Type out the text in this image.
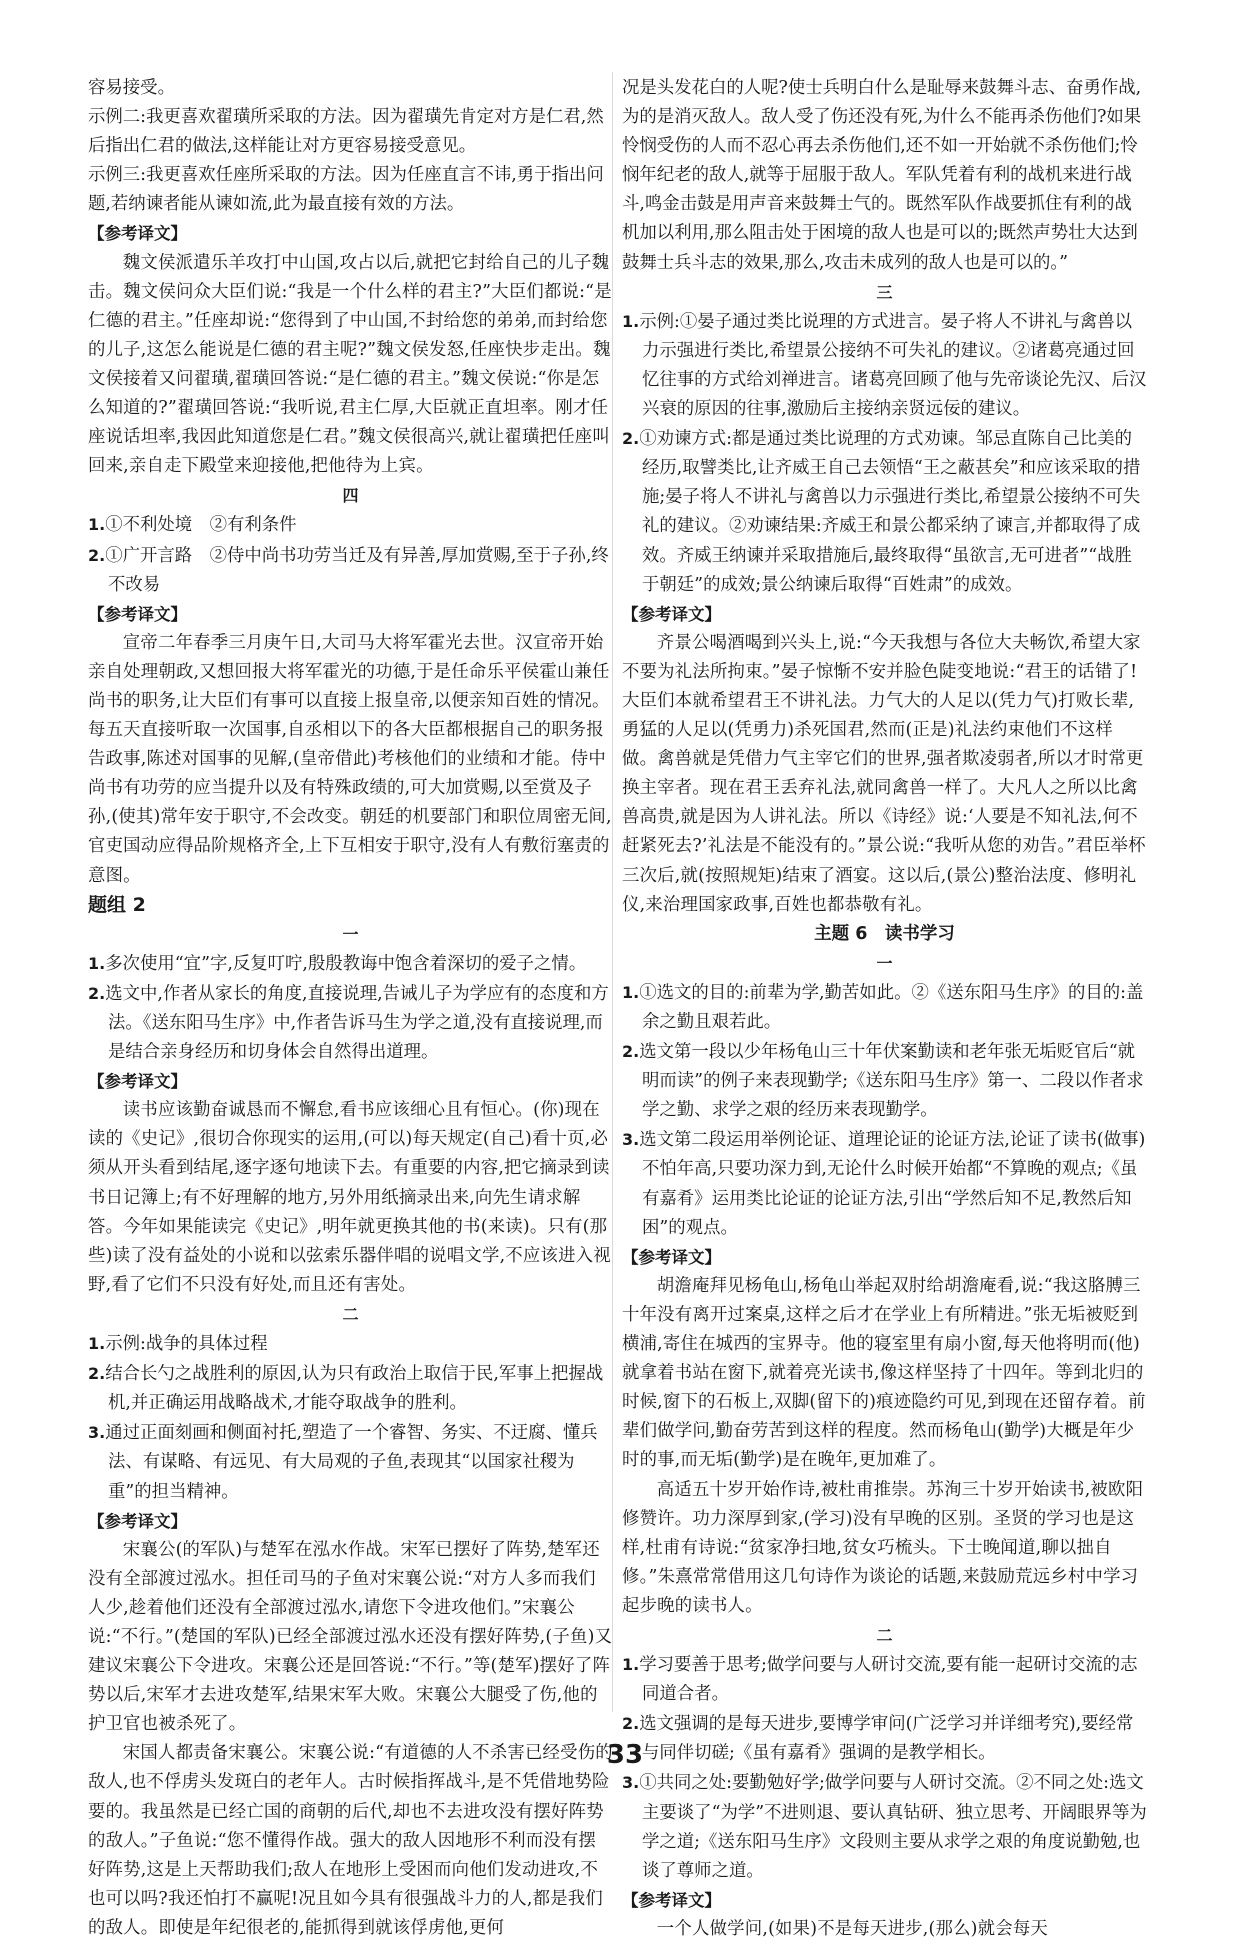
容易接受。
示例二:我更喜欢翟璜所采取的方法。因为翟璜先肯定对方是仁君,然后指出仁君的做法,这样能让对方更容易接受意见。
示例三:我更喜欢任座所采取的方法。因为任座直言不讳,勇于指出问题,若纳谏者能从谏如流,此为最直接有效的方法。
【参考译文】
魏文侯派遣乐羊攻打中山国,攻占以后,就把它封给自己的儿子魏击。魏文侯问众大臣们说:“我是一个什么样的君主?”大臣们都说:“是仁德的君主。”任座却说:“您得到了中山国,不封给您的弟弟,而封给您的儿子,这怎么能说是仁德的君主呢?”魏文侯发怒,任座快步走出。魏文侯接着又问翟璜,翟璜回答说:“是仁德的君主。”魏文侯说:“你是怎么知道的?”翟璜回答说:“我听说,君主仁厚,大臣就正直坦率。刚才任座说话坦率,我因此知道您是仁君。”魏文侯很高兴,就让翟璜把任座叫回来,亲自走下殿堂来迎接他,把他待为上宾。
四
1.①不利处境　②有利条件
2.①广开言路　②侍中尚书功劳当迁及有异善,厚加赏赐,至于子孙,终不改易
【参考译文】
宣帝二年春季三月庚午日,大司马大将军霍光去世。汉宣帝开始亲自处理朝政,又想回报大将军霍光的功德,于是任命乐平侯霍山兼任尚书的职务,让大臣们有事可以直接上报皇帝,以便亲知百姓的情况。每五天直接听取一次国事,自丞相以下的各大臣都根据自己的职务报告政事,陈述对国事的见解,(皇帝借此)考核他们的业绩和才能。侍中尚书有功劳的应当提升以及有特殊政绩的,可大加赏赐,以至赏及子孙,(使其)常年安于职守,不会改变。朝廷的机要部门和职位周密无间,官吏国动应得品阶规格齐全,上下互相安于职守,没有人有敷衍塞责的意图。
题组 2
一
1.多次使用“宜”字,反复叮咛,殷殷教诲中饱含着深切的爱子之情。
2.选文中,作者从家长的角度,直接说理,告诫儿子为学应有的态度和方法。《送东阳马生序》中,作者告诉马生为学之道,没有直接说理,而是结合亲身经历和切身体会自然得出道理。
【参考译文】
读书应该勤奋诚恳而不懈怠,看书应该细心且有恒心。(你)现在读的《史记》,很切合你现实的运用,(可以)每天规定(自己)看十页,必须从开头看到结尾,逐字逐句地读下去。有重要的内容,把它摘录到读书日记簿上;有不好理解的地方,另外用纸摘录出来,向先生请求解答。今年如果能读完《史记》,明年就更换其他的书(来读)。只有(那些)读了没有益处的小说和以弦索乐器伴唱的说唱文学,不应该进入视野,看了它们不只没有好处,而且还有害处。
二
1.示例:战争的具体过程
2.结合长勺之战胜利的原因,认为只有政治上取信于民,军事上把握战机,并正确运用战略战术,才能夺取战争的胜利。
3.通过正面刻画和侧面衬托,塑造了一个睿智、务实、不迂腐、懂兵法、有谋略、有远见、有大局观的子鱼,表现其“以国家社稷为重”的担当精神。
【参考译文】
宋襄公(的军队)与楚军在泓水作战。宋军已摆好了阵势,楚军还没有全部渡过泓水。担任司马的子鱼对宋襄公说:“对方人多而我们人少,趁着他们还没有全部渡过泓水,请您下令进攻他们。”宋襄公说:“不行。”(楚国的军队)已经全部渡过泓水还没有摆好阵势,(子鱼)又建议宋襄公下令进攻。宋襄公还是回答说:“不行。”等(楚军)摆好了阵势以后,宋军才去进攻楚军,结果宋军大败。宋襄公大腿受了伤,他的护卫官也被杀死了。
宋国人都责备宋襄公。宋襄公说:“有道德的人不杀害已经受伤的敌人,也不俘虏头发斑白的老年人。古时候指挥战斗,是不凭借地势险要的。我虽然是已经亡国的商朝的后代,却也不去进攻没有摆好阵势的敌人。”子鱼说:“您不懂得作战。强大的敌人因地形不利而没有摆好阵势,这是上天帮助我们;敌人在地形上受困而向他们发动进攻,不也可以吗?我还怕打不赢呢!况且如今具有很强战斗力的人,都是我们的敌人。即使是年纪很老的,能抓得到就该俘虏他,更何
况是头发花白的人呢?使士兵明白什么是耻辱来鼓舞斗志、奋勇作战,为的是消灭敌人。敌人受了伤还没有死,为什么不能再杀伤他们?如果怜悯受伤的人而不忍心再去杀伤他们,还不如一开始就不杀伤他们;怜悯年纪老的敌人,就等于屈服于敌人。军队凭着有利的战机来进行战斗,鸣金击鼓是用声音来鼓舞士气的。既然军队作战要抓住有利的战机加以利用,那么阻击处于困境的敌人也是可以的;既然声势壮大达到鼓舞士兵斗志的效果,那么,攻击未成列的敌人也是可以的。”
三
1.示例:①晏子通过类比说理的方式进言。晏子将人不讲礼与禽兽以力示强进行类比,希望景公接纳不可失礼的建议。②诸葛亮通过回忆往事的方式给刘禅进言。诸葛亮回顾了他与先帝谈论先汉、后汉兴衰的原因的往事,激励后主接纳亲贤远佞的建议。
2.①劝谏方式:都是通过类比说理的方式劝谏。邹忌直陈自己比美的经历,取譬类比,让齐威王自己去领悟“王之蔽甚矣”和应该采取的措施;晏子将人不讲礼与禽兽以力示强进行类比,希望景公接纳不可失礼的建议。②劝谏结果:齐威王和景公都采纳了谏言,并都取得了成效。齐威王纳谏并采取措施后,最终取得“虽欲言,无可进者”“战胜于朝廷”的成效;景公纳谏后取得“百姓肃”的成效。
【参考译文】
齐景公喝酒喝到兴头上,说:“今天我想与各位大夫畅饮,希望大家不要为礼法所拘束。”晏子惊惭不安并脸色陡变地说:“君王的话错了!大臣们本就希望君王不讲礼法。力气大的人足以(凭力气)打败长辈,勇猛的人足以(凭勇力)杀死国君,然而(正是)礼法约束他们不这样做。禽兽就是凭借力气主宰它们的世界,强者欺凌弱者,所以才时常更换主宰者。现在君王丢弃礼法,就同禽兽一样了。大凡人之所以比禽兽高贵,就是因为人讲礼法。所以《诗经》说:‘人要是不知礼法,何不赶紧死去?’礼法是不能没有的。”景公说:“我听从您的劝告。”君臣举杯三次后,就(按照规矩)结束了酒宴。这以后,(景公)整治法度、修明礼仪,来治理国家政事,百姓也都恭敬有礼。
主题 6　读书学习
一
1.①选文的目的:前辈为学,勤苦如此。②《送东阳马生序》的目的:盖余之勤且艰若此。
2.选文第一段以少年杨龟山三十年伏案勤读和老年张无垢贬官后“就明而读”的例子来表现勤学;《送东阳马生序》第一、二段以作者求学之勤、求学之艰的经历来表现勤学。
3.选文第二段运用举例论证、道理论证的论证方法,论证了读书(做事)不怕年高,只要功深力到,无论什么时候开始都“不算晚的观点;《虽有嘉肴》运用类比论证的论证方法,引出“学然后知不足,教然后知困”的观点。
【参考译文】
胡澹庵拜见杨龟山,杨龟山举起双肘给胡澹庵看,说:“我这胳膊三十年没有离开过案桌,这样之后才在学业上有所精进。”张无垢被贬到横浦,寄住在城西的宝界寺。他的寝室里有扇小窗,每天他将明而(他)就拿着书站在窗下,就着亮光读书,像这样坚持了十四年。等到北归的时候,窗下的石板上,双脚(留下的)痕迹隐约可见,到现在还留存着。前辈们做学问,勤奋劳苦到这样的程度。然而杨龟山(勤学)大概是年少时的事,而无垢(勤学)是在晚年,更加难了。
高适五十岁开始作诗,被杜甫推崇。苏洵三十岁开始读书,被欧阳修赞许。功力深厚到家,(学习)没有早晚的区别。圣贤的学习也是这样,杜甫有诗说:“贫家净扫地,贫女巧梳头。下士晚闻道,聊以拙自修。”朱熹常常借用这几句诗作为谈论的话题,来鼓励荒远乡村中学习起步晚的读书人。
二
1.学习要善于思考;做学问要与人研讨交流,要有能一起研讨交流的志同道合者。
2.选文强调的是每天进步,要博学审问(广泛学习并详细考究),要经常与同伴切磋;《虽有嘉肴》强调的是教学相长。
3.①共同之处:要勤勉好学;做学问要与人研讨交流。②不同之处:选文主要谈了“为学”不进则退、要认真钻研、独立思考、开阔眼界等为学之道;《送东阳马生序》文段则主要从求学之艰的角度说勤勉,也谈了尊师之道。
【参考译文】
一个人做学问,(如果)不是每天进步,(那么)就会每天
33
